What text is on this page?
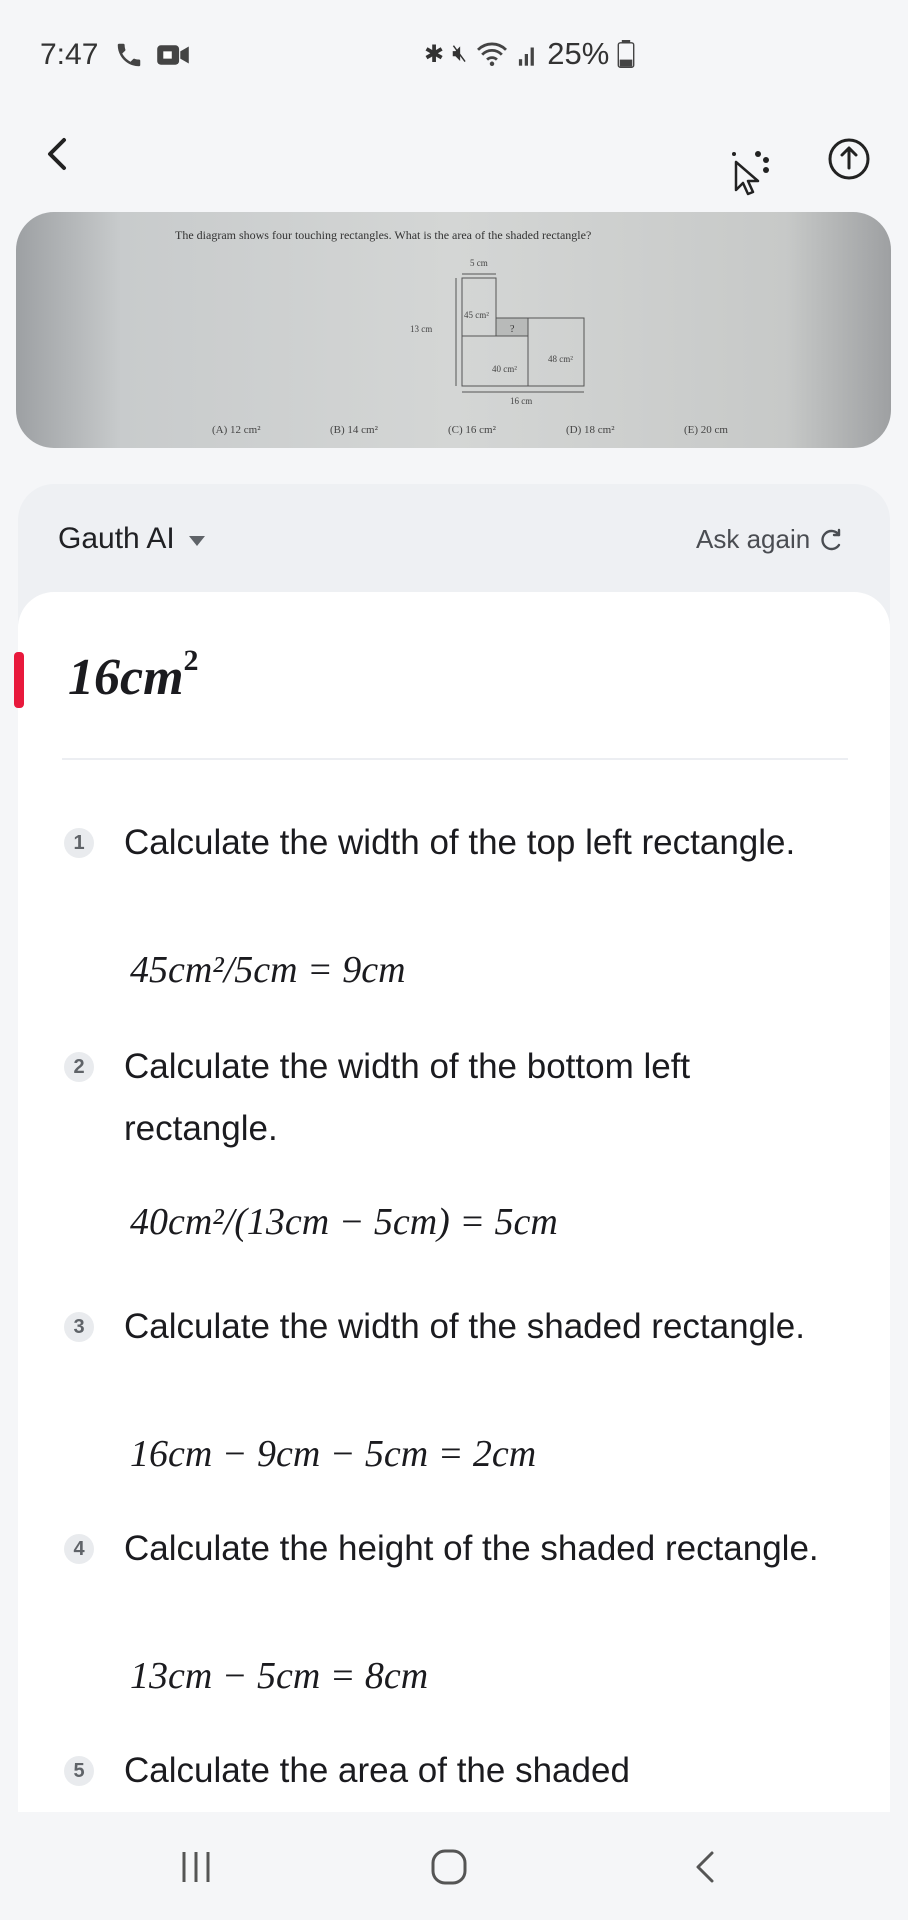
7:47	✱ 🔇︎	25%
The diagram shows four touching rectangles. What is the area of the shaded rectangle?
5 cm
13 cm
45 cm²
?
48 cm²
40 cm²
16 cm
(A) 12 cm²	(B) 14 cm²	(C) 16 cm²	(D) 18 cm²	(E) 20 cm
Gauth AI	Ask again
$16cm^2$
1 Calculate the width of the top left rectangle.
45cm²/5cm = 9cm
2 Calculate the width of the bottom left rectangle.
40cm²/(13cm − 5cm) = 5cm
3 Calculate the width of the shaded rectangle.
16cm − 9cm − 5cm = 2cm
4 Calculate the height of the shaded rectangle.
13cm − 5cm = 8cm
5 Calculate the area of the shaded
